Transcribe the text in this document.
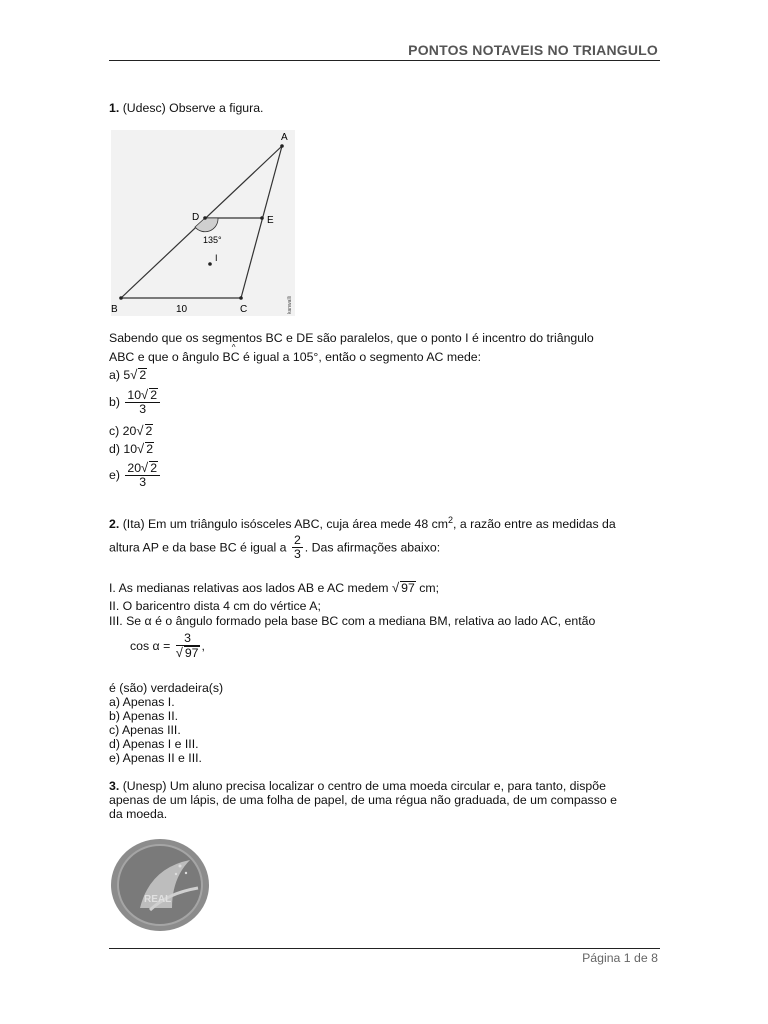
PONTOS NOTAVEIS NO TRIANGULO
1. (Udesc) Observe a figura.
A
B	C
D	E
I
135°
10	kanwalli
Sabendo que os segmentos BC e DE são paralelos, que o ponto I é incentro do triângulo
ABC e que o ângulo B
^
C é igual a 105°, então o segmento AC mede:
a) 5√ 2
$b) \frac{10√ 2}{3}$
c) 20√ 2
d) 10√ 2
$e) \frac{20√ 2}{3}$
2. (Ita) Em um triângulo isósceles ABC, cuja área mede 48 $cm^2$, a razão entre as medidas da
altura AP e da base BC é igual a $\frac{2}{3}$ . Das afirmações abaixo:
I. As medianas relativas aos lados AB e AC medem √ 97 cm;
II. O baricentro dista 4 cm do vértice A;
III. Se α é o ângulo formado pela base BC com a mediana BM, relativa ao lado AC, então
$\cos \alpha = \frac{3}{√ 97}$ ,
é (são) verdadeira(s)
a) Apenas I.
b) Apenas II.
c) Apenas III.
d) Apenas I e III.
e) Apenas II e III.
3. (Unesp) Um aluno precisa localizar o centro de uma moeda circular e, para tanto, dispõe
apenas de um lápis, de uma folha de papel, de uma régua não graduada, de um compasso e
da moeda.
REAL
Página 1 de 8
